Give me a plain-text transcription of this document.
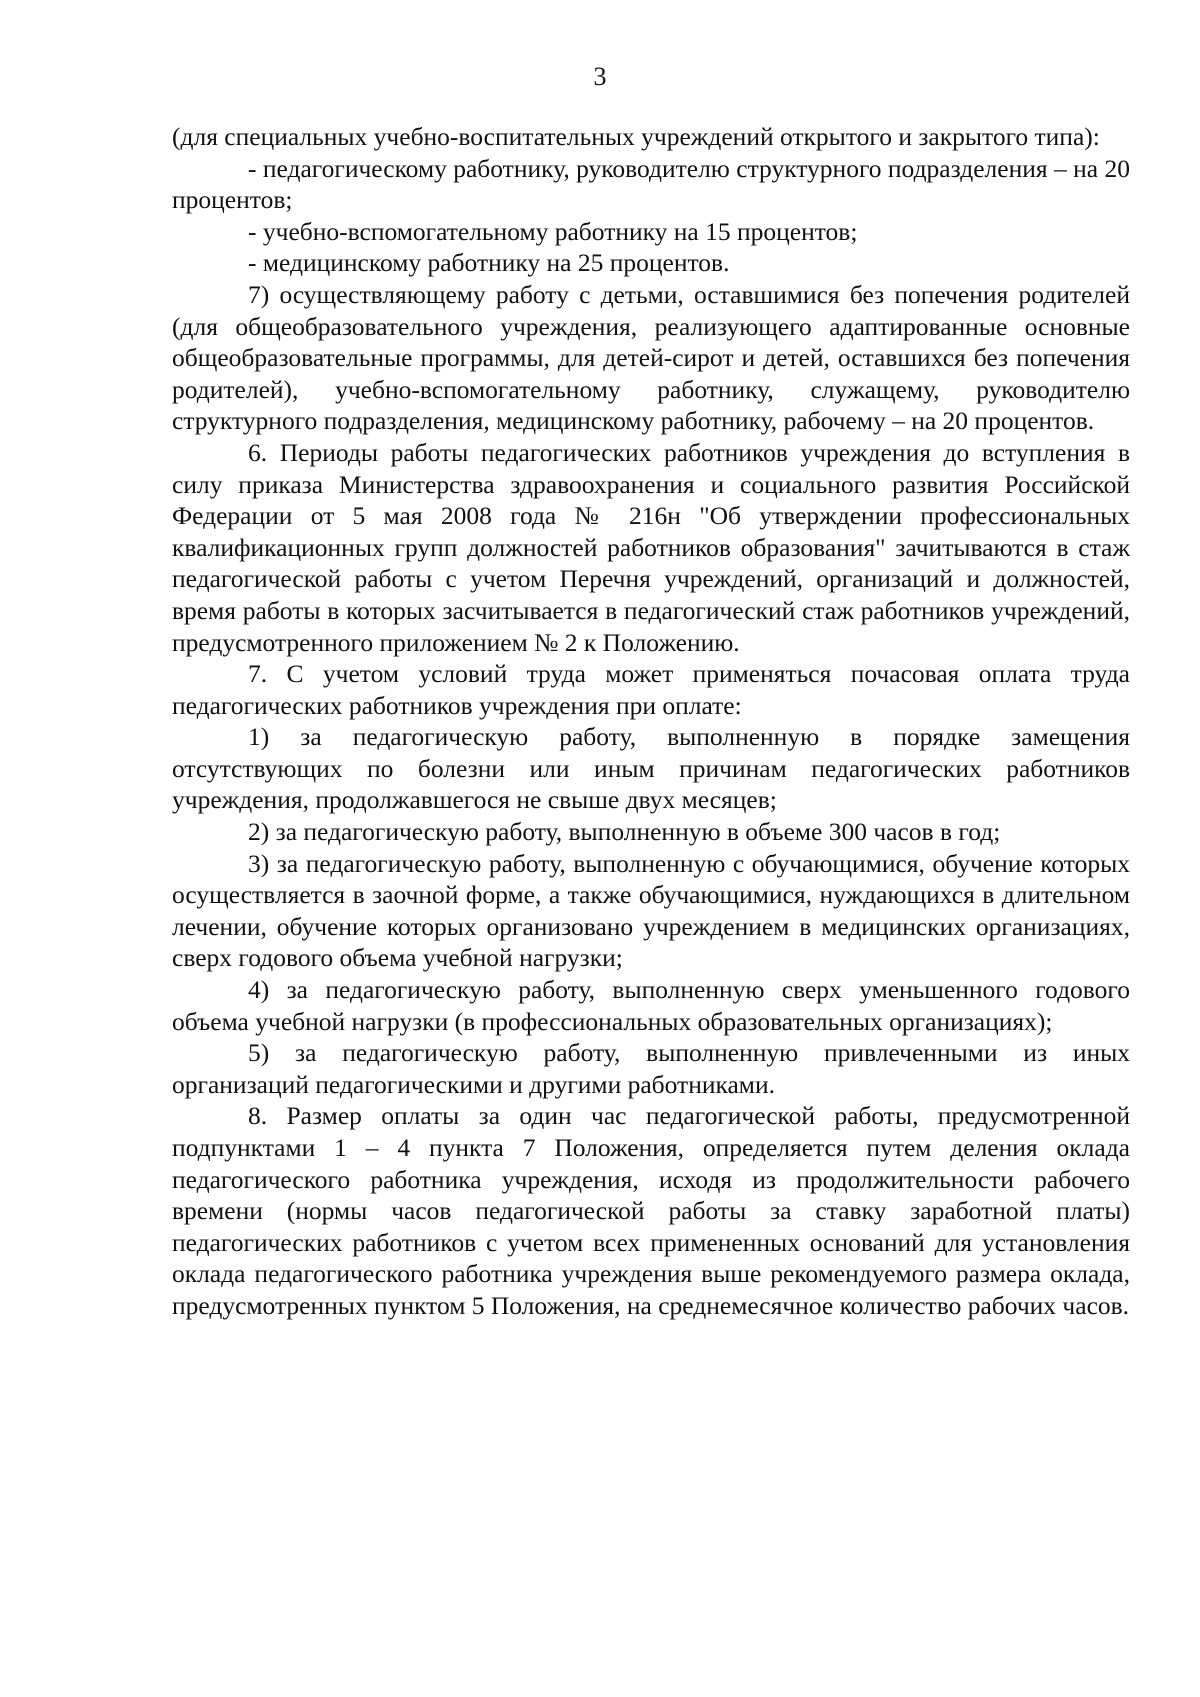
3

(для специальных учебно-воспитательных учреждений открытого и закрытого типа):

- педагогическому работнику, руководителю структурного подразделения – на 20 процентов;

- учебно-вспомогательному работнику на 15 процентов;

- медицинскому работнику на 25 процентов.

7) осуществляющему работу с детьми, оставшимися без попечения родителей (для общеобразовательного учреждения, реализующего адаптированные основные общеобразовательные программы, для детей-сирот и детей, оставшихся без попечения родителей), учебно-вспомогательному работнику, служащему, руководителю структурного подразделения, медицинскому работнику, рабочему – на 20 процентов.

6. Периоды работы педагогических работников учреждения до вступления в силу приказа Министерства здравоохранения и социального развития Российской Федерации от 5 мая 2008 года № 216н "Об утверждении профессиональных квалификационных групп должностей работников образования" зачитываются в стаж педагогической работы с учетом Перечня учреждений, организаций и должностей, время работы в которых засчитывается в педагогический стаж работников учреждений, предусмотренного приложением № 2 к Положению.

7. С учетом условий труда может применяться почасовая оплата труда педагогических работников учреждения при оплате:

1) за педагогическую работу, выполненную в порядке замещения отсутствующих по болезни или иным причинам педагогических работников учреждения, продолжавшегося не свыше двух месяцев;

2) за педагогическую работу, выполненную в объеме 300 часов в год;

3) за педагогическую работу, выполненную с обучающимися, обучение которых осуществляется в заочной форме, а также обучающимися, нуждающихся в длительном лечении, обучение которых организовано учреждением в медицинских организациях, сверх годового объема учебной нагрузки;

4) за педагогическую работу, выполненную сверх уменьшенного годового объема учебной нагрузки (в профессиональных образовательных организациях);

5) за педагогическую работу, выполненную привлеченными из иных организаций педагогическими и другими работниками.

8. Размер оплаты за один час педагогической работы, предусмотренной подпунктами 1 – 4 пункта 7 Положения, определяется путем деления оклада педагогического работника учреждения, исходя из продолжительности рабочего времени (нормы часов педагогической работы за ставку заработной платы) педагогических работников с учетом всех примененных оснований для установления оклада педагогического работника учреждения выше рекомендуемого размера оклада, предусмотренных пунктом 5 Положения, на среднемесячное количество рабочих часов.
